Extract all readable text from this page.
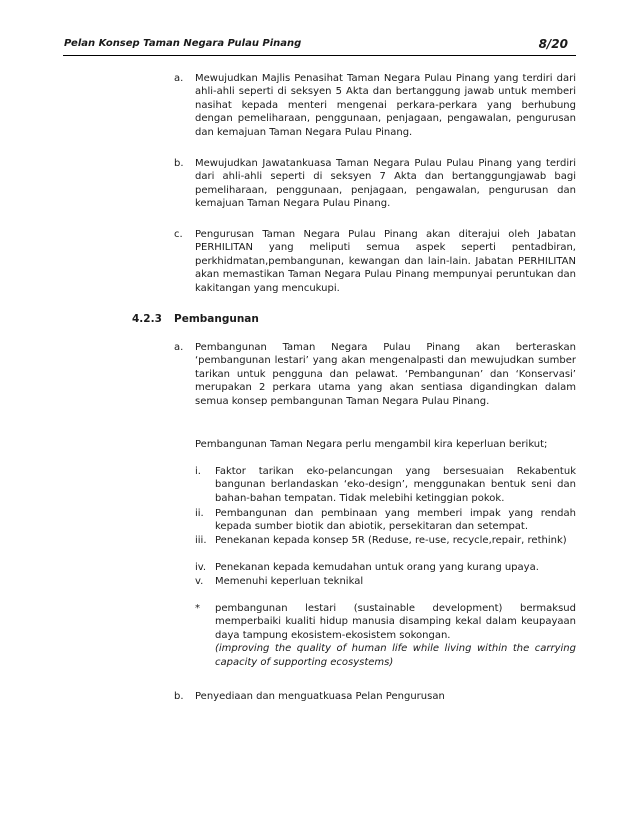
Pelan Konsep Taman Negara Pulau Pinang	8/20
a. Mewujudkan Majlis Penasihat Taman Negara Pulau Pinang yang terdiri dari ahli-ahli seperti di seksyen 5 Akta dan bertanggung jawab untuk memberi nasihat kepada menteri mengenai perkara-perkara yang berhubung dengan pemeliharaan, penggunaan, penjagaan, pengawalan, pengurusan dan kemajuan Taman Negara Pulau Pinang.
b. Mewujudkan Jawatankuasa Taman Negara Pulau Pulau Pinang yang terdiri dari ahli-ahli seperti di seksyen 7 Akta dan bertanggungjawab bagi pemeliharaan, penggunaan, penjagaan, pengawalan, pengurusan dan kemajuan Taman Negara Pulau Pinang.
c. Pengurusan Taman Negara Pulau Pinang akan diterajui oleh Jabatan PERHILITAN yang meliputi semua aspek seperti pentadbiran, perkhidmatan,pembangunan, kewangan dan lain-lain. Jabatan PERHILITAN akan memastikan Taman Negara Pulau Pinang mempunyai peruntukan dan kakitangan yang mencukupi.
4.2.3 Pembangunan
a. Pembangunan Taman Negara Pulau Pinang akan berteraskan ‘pembangunan lestari’ yang akan mengenalpasti dan mewujudkan sumber tarikan untuk pengguna dan pelawat. ‘Pembangunan’ dan ‘Konservasi’ merupakan 2 perkara utama yang akan sentiasa digandingkan dalam semua konsep pembangunan Taman Negara Pulau Pinang.
Pembangunan Taman Negara perlu mengambil kira keperluan berikut;
i. Faktor tarikan eko-pelancungan yang bersesuaian Rekabentuk bangunan berlandaskan ‘eko-design’, menggunakan bentuk seni dan bahan-bahan tempatan. Tidak melebihi ketinggian pokok.
ii. Pembangunan dan pembinaan yang memberi impak yang rendah kepada sumber biotik dan abiotik, persekitaran dan setempat.
iii. Penekanan kepada konsep 5R (Reduse, re-use, recycle,repair, rethink)
iv. Penekanan kepada kemudahan untuk orang yang kurang upaya.
v. Memenuhi keperluan teknikal
* pembangunan lestari (sustainable development) bermaksud memperbaiki kualiti hidup manusia disamping kekal dalam keupayaan daya tampung ekosistem-ekosistem sokongan.
(improving the quality of human life while living within the carrying capacity of supporting ecosystems)
b. Penyediaan dan menguatkuasa Pelan Pengurusan
